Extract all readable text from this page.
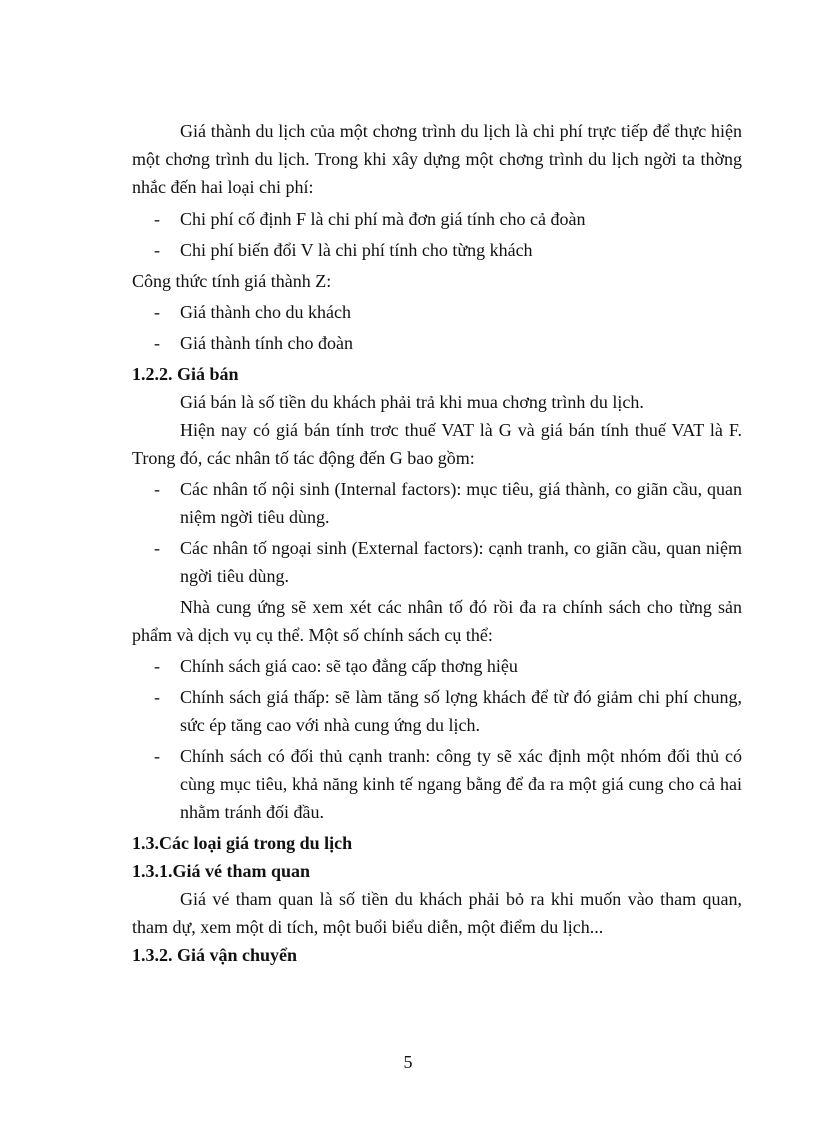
Giá thành du lịch của một chơng trình du lịch là chi phí trực tiếp để thực hiện một chơng trình du lịch. Trong khi xây dựng một chơng trình du lịch ngời ta thờng nhắc đến hai loại chi phí:

- Chi phí cố định F là chi phí mà đơn giá tính cho cả đoàn
- Chi phí biến đổi V là chi phí tính cho từng khách

Công thức tính giá thành Z:

- Giá thành cho du khách
- Giá thành tính cho đoàn

1.2.2. Giá bán

Giá bán là số tiền du khách phải trả khi mua chơng trình du lịch.

Hiện nay có giá bán tính trơc thuế VAT là G và giá bán tính thuế VAT là F. Trong đó, các nhân tố tác động đến G bao gồm:

- Các nhân tố nội sinh (Internal factors): mục tiêu, giá thành, co giãn cầu, quan niệm ngời tiêu dùng.
- Các nhân tố ngoại sinh (External factors): cạnh tranh, co giãn cầu, quan niệm ngời tiêu dùng.

Nhà cung ứng sẽ xem xét các nhân tố đó rồi đa ra chính sách cho từng sản phẩm và dịch vụ cụ thể. Một số chính sách cụ thể:

- Chính sách giá cao: sẽ tạo đẳng cấp thơng hiệu
- Chính sách giá thấp: sẽ làm tăng số lợng khách để từ đó giảm chi phí chung, sức ép tăng cao với nhà cung ứng du lịch.
- Chính sách có đối thủ cạnh tranh: công ty sẽ xác định một nhóm đối thủ có cùng mục tiêu, khả năng kinh tế ngang bằng để đa ra một giá cung cho cả hai nhằm tránh đối đầu.

1.3.Các loại giá trong du lịch

1.3.1.Giá vé tham quan

Giá vé tham quan là số tiền du khách phải bỏ ra khi muốn vào tham quan, tham dự, xem một di tích, một buổi biểu diễn, một điểm du lịch...

1.3.2. Giá vận chuyển

5
